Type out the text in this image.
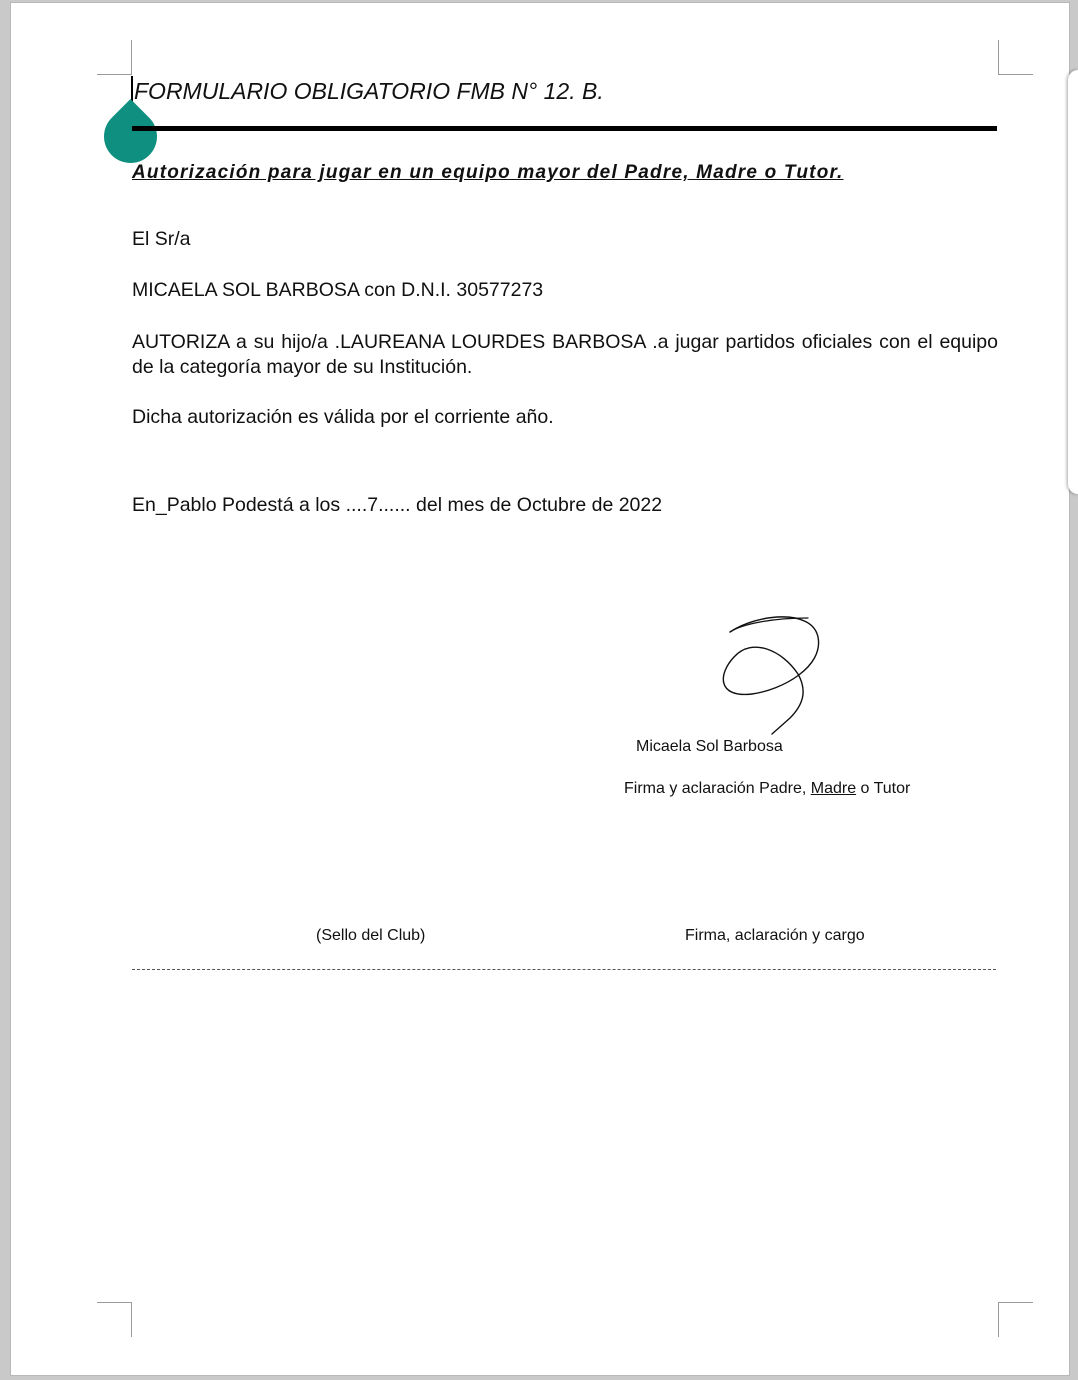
FORMULARIO OBLIGATORIO FMB N° 12. B.
Autorización para jugar en un equipo mayor del Padre, Madre o Tutor.
El Sr/a
MICAELA SOL BARBOSA con D.N.I. 30577273
AUTORIZA a su hijo/a .LAUREANA LOURDES BARBOSA .a jugar partidos oficiales con el equipo de la categoría mayor de su Institución.
Dicha autorización es válida por el corriente año.
En_Pablo Podestá a los ....7...... del mes de Octubre de 2022
Micaela Sol Barbosa
Firma y aclaración Padre, Madre o Tutor
(Sello del Club)	Firma, aclaración y cargo
